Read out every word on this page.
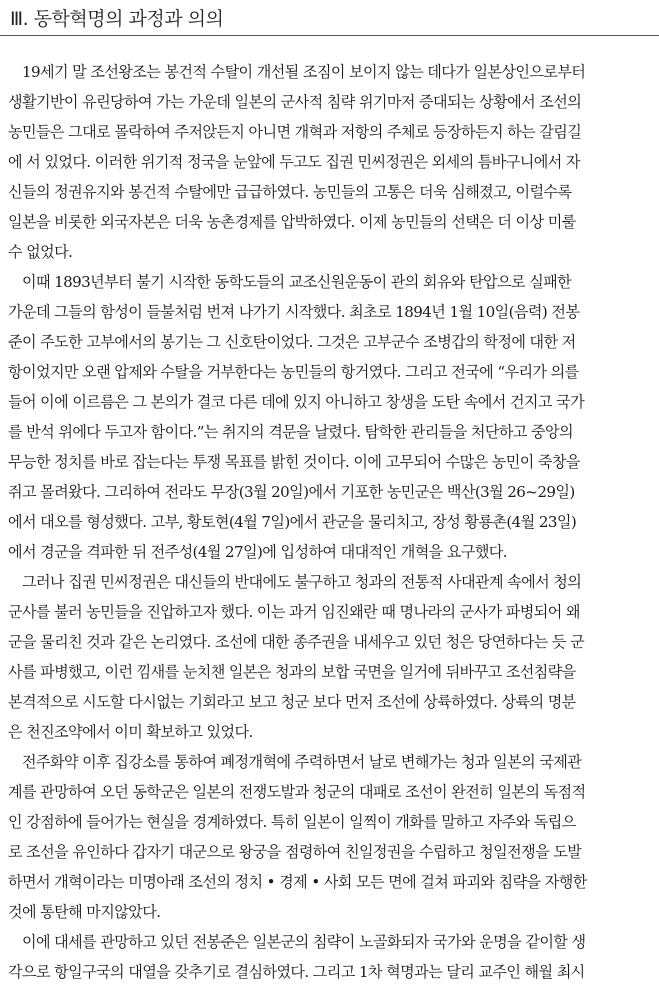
Ⅲ. 동학혁명의 과정과 의의
19세기 말 조선왕조는 봉건적 수탈이 개선될 조짐이 보이지 않는 데다가 일본상인으로부터
생활기반이 유린당하여 가는 가운데 일본의 군사적 침략 위기마저 증대되는 상황에서 조선의
농민들은 그대로 몰락하여 주저앉든지 아니면 개혁과 저항의 주체로 등장하든지 하는 갈림길
에 서 있었다. 이러한 위기적 정국을 눈앞에 두고도 집권 민씨정권은 외세의 틈바구니에서 자
신들의 정권유지와 봉건적 수탈에만 급급하였다. 농민들의 고통은 더욱 심해졌고, 이럴수록
일본을 비롯한 외국자본은 더욱 농촌경제를 압박하였다. 이제 농민들의 선택은 더 이상 미룰
수 없었다.
이때 1893년부터 불기 시작한 동학도들의 교조신원운동이 관의 회유와 탄압으로 실패한
가운데 그들의 함성이 들불처럼 번져 나가기 시작했다. 최초로 1894년 1월 10일(음력) 전봉
준이 주도한 고부에서의 봉기는 그 신호탄이었다. 그것은 고부군수 조병갑의 학정에 대한 저
항이었지만 오랜 압제와 수탈을 거부한다는 농민들의 항거였다. 그리고 전국에 “우리가 의를
들어 이에 이르름은 그 본의가 결코 다른 데에 있지 아니하고 창생을 도탄 속에서 건지고 국가
를 반석 위에다 두고자 함이다.”는 취지의 격문을 날렸다. 탐학한 관리들을 처단하고 중앙의
무능한 정치를 바로 잡는다는 투쟁 목표를 밝힌 것이다. 이에 고무되어 수많은 농민이 죽창을
쥐고 몰려왔다. 그리하여 전라도 무장(3월 20일)에서 기포한 농민군은 백산(3월 26~29일)
에서 대오를 형성했다. 고부, 황토현(4월 7일)에서 관군을 물리치고, 장성 황룡촌(4월 23일)
에서 경군을 격파한 뒤 전주성(4월 27일)에 입성하여 대대적인 개혁을 요구했다.
그러나 집권 민씨정권은 대신들의 반대에도 불구하고 청과의 전통적 사대관계 속에서 청의
군사를 불러 농민들을 진압하고자 했다. 이는 과거 임진왜란 때 명나라의 군사가 파병되어 왜
군을 물리친 것과 같은 논리였다. 조선에 대한 종주권을 내세우고 있던 청은 당연하다는 듯 군
사를 파병했고, 이런 낌새를 눈치챈 일본은 청과의 보합 국면을 일거에 뒤바꾸고 조선침략을
본격적으로 시도할 다시없는 기회라고 보고 청군 보다 먼저 조선에 상륙하였다. 상륙의 명분
은 천진조약에서 이미 확보하고 있었다.
전주화약 이후 집강소를 통하여 폐정개혁에 주력하면서 날로 변해가는 청과 일본의 국제관
계를 관망하여 오던 동학군은 일본의 전쟁도발과 청군의 대패로 조선이 완전히 일본의 독점적
인 강점하에 들어가는 현실을 경계하였다. 특히 일본이 일찍이 개화를 말하고 자주와 독립으
로 조선을 유인하다 갑자기 대군으로 왕궁을 점령하여 친일정권을 수립하고 청일전쟁을 도발
하면서 개혁이라는 미명아래 조선의 정치 • 경제 • 사회 모든 면에 걸쳐 파괴와 침략을 자행한
것에 통탄해 마지않았다.
이에 대세를 관망하고 있던 전봉준은 일본군의 침략이 노골화되자 국가와 운명을 같이할 생
각으로 항일구국의 대열을 갖추기로 결심하였다. 그리고 1차 혁명과는 달리 교주인 해월 최시
